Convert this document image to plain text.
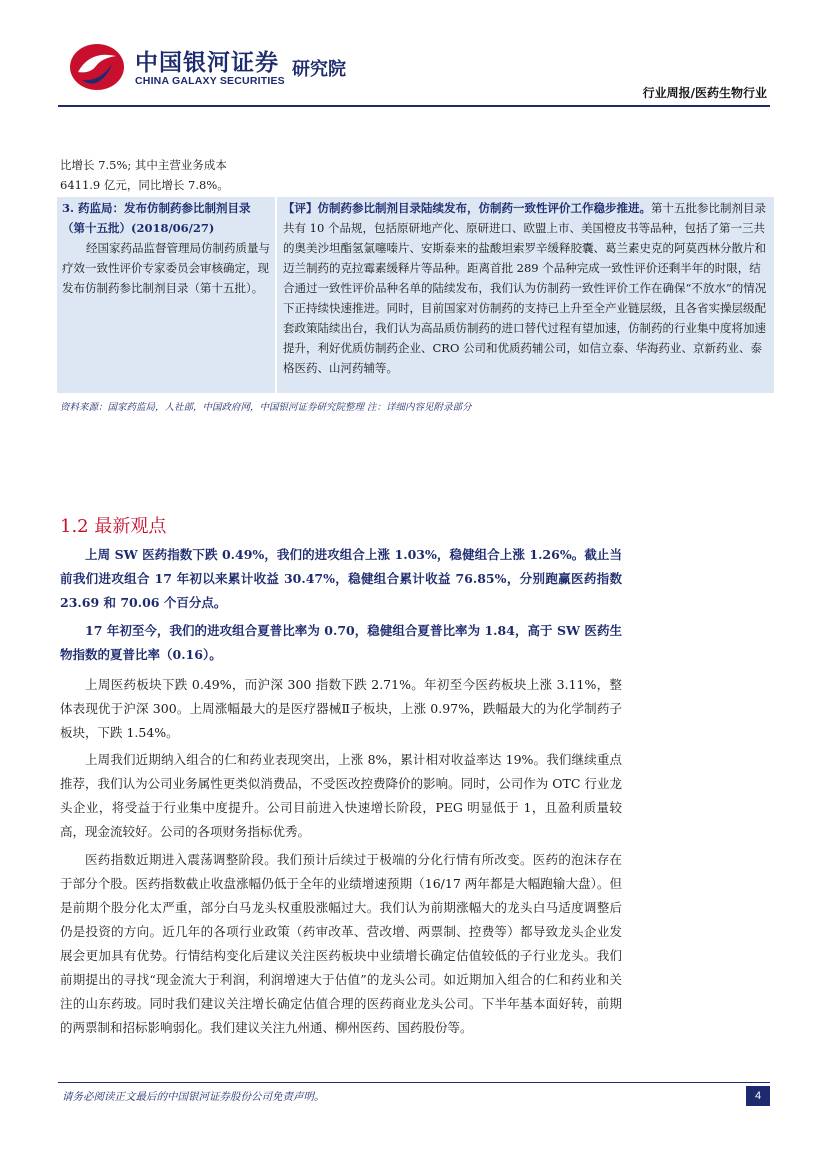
中国银河证券
CHINA GALAXY SECURITIES
研究院
行业周报/医药生物行业
比增长 7.5%; 其中主营业务成本 6411.9 亿元，同比增长 7.8%。
3. 药监局：发布仿制药参比制剂目录（第十五批）(2018/06/27)
经国家药品监督管理局仿制药质量与疗效一致性评价专家委员会审核确定，现发布仿制药参比制剂目录（第十五批）。
【评】仿制药参比制剂目录陆续发布，仿制药一致性评价工作稳步推进。第十五批参比制剂目录共有 10 个品规，包括原研地产化、原研进口、欧盟上市、美国橙皮书等品种，包括了第一三共的奥美沙坦酯氢氯噻嗪片、安斯泰来的盐酸坦索罗辛缓释胶囊、葛兰素史克的阿莫西林分散片和迈兰制药的克拉霉素缓释片等品种。距离首批 289 个品种完成一致性评价还剩半年的时限，结合通过一致性评价品种名单的陆续发布，我们认为仿制药一致性评价工作在确保“不放水”的情况下正持续快速推进。同时，目前国家对仿制药的支持已上升至全产业链层级，且各省实操层级配套政策陆续出台，我们认为高品质仿制药的进口替代过程有望加速，仿制药的行业集中度将加速提升，利好优质仿制药企业、CRO 公司和优质药辅公司，如信立泰、华海药业、京新药业、泰格医药、山河药辅等。
资料来源：国家药监局，人社部，中国政府网，中国银河证券研究院整理 注：详细内容见附录部分
1.2 最新观点
上周 SW 医药指数下跌 0.49%，我们的进攻组合上涨 1.03%，稳健组合上涨 1.26%。截止当前我们进攻组合 17 年初以来累计收益 30.47%，稳健组合累计收益 76.85%，分别跑赢医药指数 23.69 和 70.06 个百分点。
17 年初至今，我们的进攻组合夏普比率为 0.70，稳健组合夏普比率为 1.84，高于 SW 医药生物指数的夏普比率（0.16）。
上周医药板块下跌 0.49%，而沪深 300 指数下跌 2.71%。年初至今医药板块上涨 3.11%，整体表现优于沪深 300。上周涨幅最大的是医疗器械Ⅱ子板块，上涨 0.97%，跌幅最大的为化学制药子板块，下跌 1.54%。
上周我们近期纳入组合的仁和药业表现突出，上涨 8%，累计相对收益率达 19%。我们继续重点推荐，我们认为公司业务属性更类似消费品，不受医改控费降价的影响。同时，公司作为 OTC 行业龙头企业，将受益于行业集中度提升。公司目前进入快速增长阶段，PEG 明显低于 1，且盈利质量较高，现金流较好。公司的各项财务指标优秀。
医药指数近期进入震荡调整阶段。我们预计后续过于极端的分化行情有所改变。医药的泡沫存在于部分个股。医药指数截止收盘涨幅仍低于全年的业绩增速预期（16/17 两年都是大幅跑输大盘）。但是前期个股分化太严重，部分白马龙头权重股涨幅过大。我们认为前期涨幅大的龙头白马适度调整后仍是投资的方向。近几年的各项行业政策（药审改革、营改增、两票制、控费等）都导致龙头企业发展会更加具有优势。行情结构变化后建议关注医药板块中业绩增长确定估值较低的子行业龙头。我们前期提出的寻找“现金流大于利润，利润增速大于估值”的龙头公司。如近期加入组合的仁和药业和关注的山东药玻。同时我们建议关注增长确定估值合理的医药商业龙头公司。下半年基本面好转，前期的两票制和招标影响弱化。我们建议关注九州通、柳州医药、国药股份等。
请务必阅读正文最后的中国银河证券股份公司免责声明。	4
